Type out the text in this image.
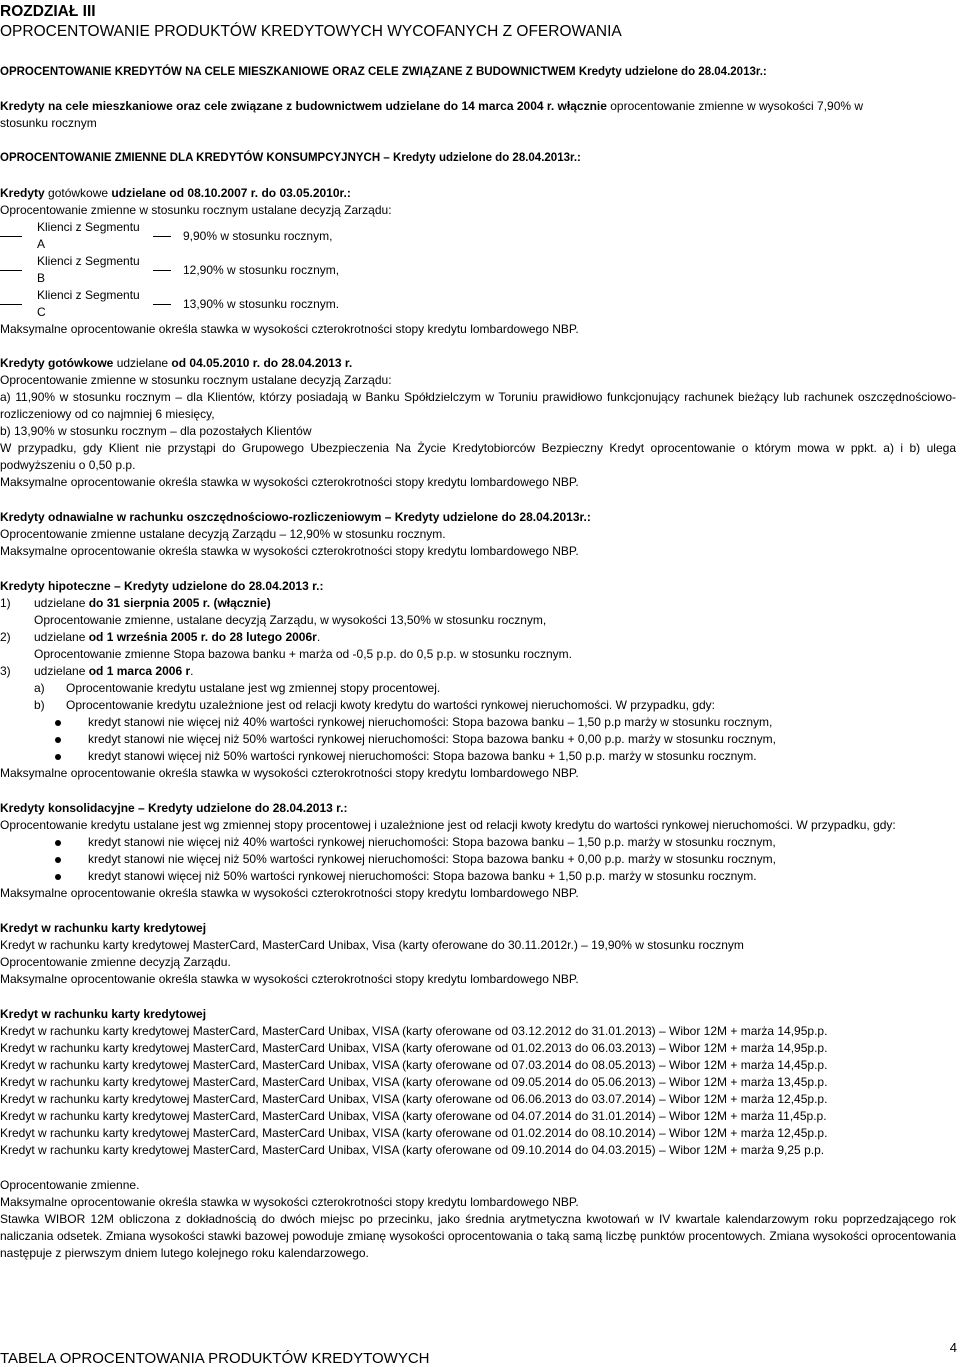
ROZDZIAŁ III
OPROCENTOWANIE PRODUKTÓW KREDYTOWYCH WYCOFANYCH Z OFEROWANIA

OPROCENTOWANIE KREDYTÓW NA CELE MIESZKANIOWE ORAZ CELE ZWIĄZANE Z BUDOWNICTWEM Kredyty udzielone do 28.04.2013r.:

Kredyty na cele mieszkaniowe oraz cele związane z budownictwem udzielane do 14 marca 2004 r. włącznie oprocentowanie zmienne w wysokości 7,90% w

stosunku rocznym

OPROCENTOWANIE ZMIENNE DLA KREDYTÓW KONSUMPCYJNYCH – Kredyty udzielone do 28.04.2013r.:

Kredyty gotówkowe udzielane od 08.10.2007 r. do 03.05.2010r.:

Oprocentowanie zmienne w stosunku rocznym ustalane decyzją Zarządu:

Klienci z Segmentu A
9,90% w stosunku rocznym,
Klienci z Segmentu B
12,90% w stosunku rocznym,
Klienci z Segmentu C
13,90% w stosunku rocznym.

Maksymalne oprocentowanie określa stawka w wysokości czterokrotności stopy kredytu lombardowego NBP.

Kredyty gotówkowe udzielane od 04.05.2010 r. do 28.04.2013 r.

Oprocentowanie zmienne w stosunku rocznym ustalane decyzją Zarządu:

a) 11,90% w stosunku rocznym – dla Klientów, którzy posiadają w Banku Spółdzielczym w Toruniu prawidłowo funkcjonujący rachunek bieżący lub rachunek oszczędnościowo-rozliczeniowy od co najmniej 6 miesięcy,

b) 13,90% w stosunku rocznym – dla pozostałych Klientów

W przypadku, gdy Klient nie przystąpi do Grupowego Ubezpieczenia Na Życie Kredytobiorców Bezpieczny Kredyt oprocentowanie o którym mowa w ppkt. a) i b) ulega podwyższeniu o 0,50 p.p.

Maksymalne oprocentowanie określa stawka w wysokości czterokrotności stopy kredytu lombardowego NBP.

Kredyty odnawialne w rachunku oszczędnościowo-rozliczeniowym – Kredyty udzielone do 28.04.2013r.:

Oprocentowanie zmienne ustalane decyzją Zarządu – 12,90% w stosunku rocznym.

Maksymalne oprocentowanie określa stawka w wysokości czterokrotności stopy kredytu lombardowego NBP.

Kredyty hipoteczne – Kredyty udzielone do 28.04.2013 r.:

1)	udzielane do 31 sierpnia 2005 r. (włącznie)

Oprocentowanie zmienne, ustalane decyzją Zarządu, w wysokości 13,50% w stosunku rocznym,

2)	udzielane od 1 września 2005 r. do 28 lutego 2006r.

Oprocentowanie zmienne Stopa bazowa banku + marża od -0,5 p.p. do 0,5 p.p. w stosunku rocznym.

3)	udzielane od 1 marca 2006 r.
a)	Oprocentowanie kredytu ustalane jest wg zmiennej stopy procentowej.
b)	Oprocentowanie kredytu uzależnione jest od relacji kwoty kredytu do wartości rynkowej nieruchomości. W przypadku, gdy:
kredyt stanowi nie więcej niż 40% wartości rynkowej nieruchomości: Stopa bazowa banku – 1,50 p.p marży w stosunku rocznym,
kredyt stanowi nie więcej niż 50% wartości rynkowej nieruchomości: Stopa bazowa banku + 0,00 p.p. marży w stosunku rocznym,
kredyt stanowi więcej niż 50% wartości rynkowej nieruchomości: Stopa bazowa banku + 1,50 p.p. marży w stosunku rocznym.

Maksymalne oprocentowanie określa stawka w wysokości czterokrotności stopy kredytu lombardowego NBP.

Kredyty konsolidacyjne – Kredyty udzielone do 28.04.2013 r.:

Oprocentowanie kredytu ustalane jest wg zmiennej stopy procentowej i uzależnione jest od relacji kwoty kredytu do wartości rynkowej nieruchomości. W przypadku, gdy:

kredyt stanowi nie więcej niż 40% wartości rynkowej nieruchomości: Stopa bazowa banku – 1,50 p.p. marży w stosunku rocznym,
kredyt stanowi nie więcej niż 50% wartości rynkowej nieruchomości: Stopa bazowa banku + 0,00 p.p. marży w stosunku rocznym,
kredyt stanowi więcej niż 50% wartości rynkowej nieruchomości: Stopa bazowa banku + 1,50 p.p. marży w stosunku rocznym.

Maksymalne oprocentowanie określa stawka w wysokości czterokrotności stopy kredytu lombardowego NBP.

Kredyt w rachunku karty kredytowej

Kredyt w rachunku karty kredytowej MasterCard, MasterCard Unibax, Visa (karty oferowane do 30.11.2012r.) – 19,90% w stosunku rocznym

Oprocentowanie zmienne decyzją Zarządu.

Maksymalne oprocentowanie określa stawka w wysokości czterokrotności stopy kredytu lombardowego NBP.

Kredyt w rachunku karty kredytowej

Kredyt w rachunku karty kredytowej MasterCard, MasterCard Unibax, VISA (karty oferowane od 03.12.2012 do 31.01.2013) – Wibor 12M + marża 14,95p.p.

Kredyt w rachunku karty kredytowej MasterCard, MasterCard Unibax, VISA (karty oferowane od 01.02.2013 do 06.03.2013) – Wibor 12M + marża 14,95p.p.

Kredyt w rachunku karty kredytowej MasterCard, MasterCard Unibax, VISA (karty oferowane od 07.03.2014 do 08.05.2013) – Wibor 12M + marża 14,45p.p.

Kredyt w rachunku karty kredytowej MasterCard, MasterCard Unibax, VISA (karty oferowane od 09.05.2014 do 05.06.2013) – Wibor 12M + marża 13,45p.p.

Kredyt w rachunku karty kredytowej MasterCard, MasterCard Unibax, VISA (karty oferowane od 06.06.2013 do 03.07.2014) – Wibor 12M + marża 12,45p.p.

Kredyt w rachunku karty kredytowej MasterCard, MasterCard Unibax, VISA (karty oferowane od 04.07.2014 do 31.01.2014) – Wibor 12M + marża 11,45p.p.

Kredyt w rachunku karty kredytowej MasterCard, MasterCard Unibax, VISA (karty oferowane od 01.02.2014 do 08.10.2014) – Wibor 12M + marża 12,45p.p.

Kredyt w rachunku karty kredytowej MasterCard, MasterCard Unibax, VISA (karty oferowane od 09.10.2014 do 04.03.2015) – Wibor 12M + marża 9,25 p.p.

Oprocentowanie zmienne.

Maksymalne oprocentowanie określa stawka w wysokości czterokrotności stopy kredytu lombardowego NBP.

Stawka WIBOR 12M obliczona z dokładnością do dwóch miejsc po przecinku, jako średnia arytmetyczna kwotowań w IV kwartale kalendarzowym roku poprzedzającego rok naliczania odsetek. Zmiana wysokości stawki bazowej powoduje zmianę wysokości oprocentowania o taką samą liczbę punktów procentowych. Zmiana wysokości oprocentowania następuje z pierwszym dniem lutego kolejnego roku kalendarzowego.

TABELA OPROCENTOWANIA PRODUKTÓW KREDYTOWYCH

4
